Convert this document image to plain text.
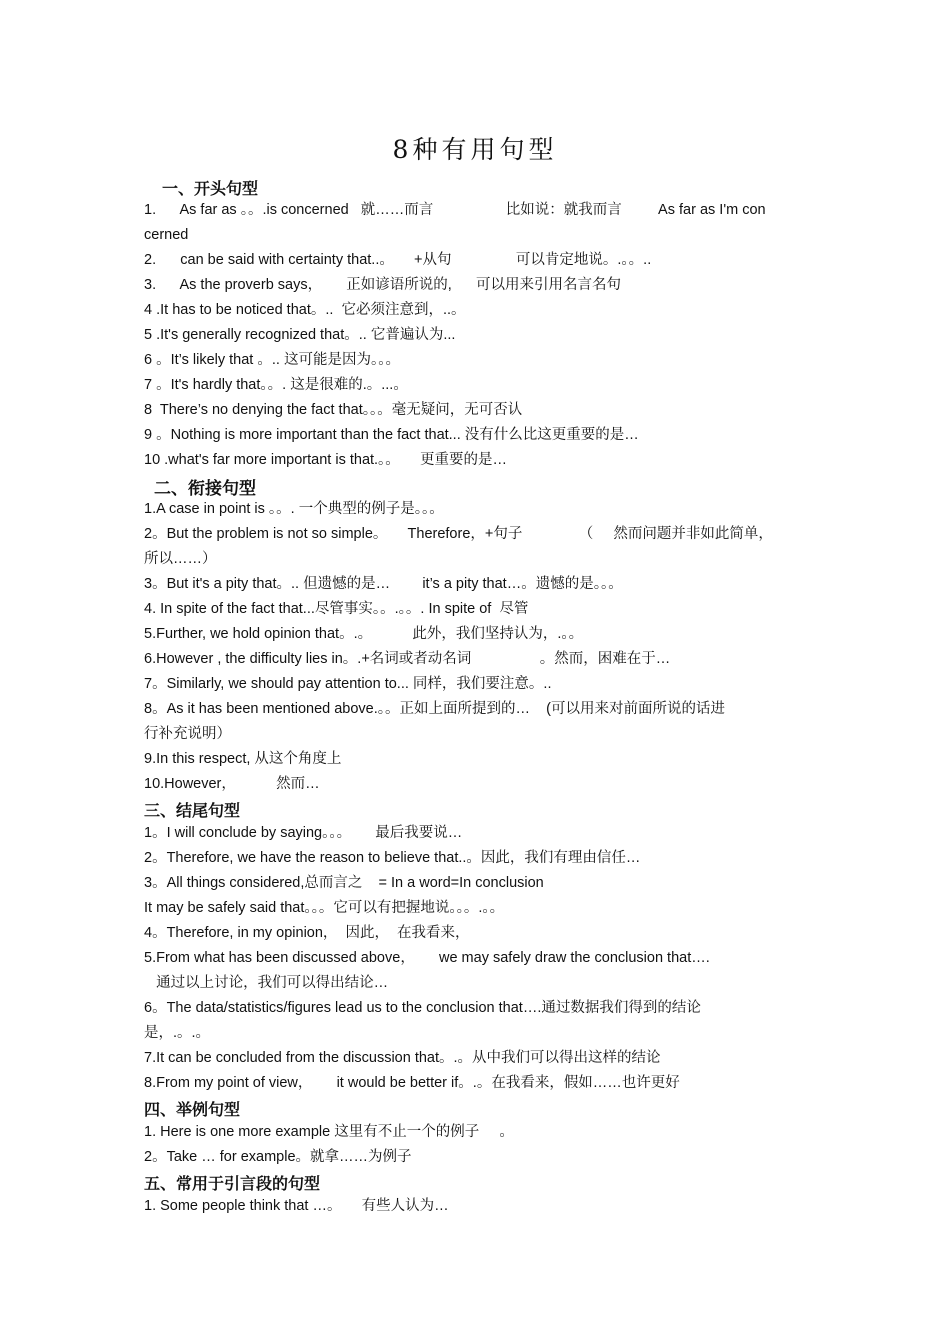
8种有用句型
一、开头句型
1.      As far as 。。.is concerned   就……而言                  比如说：就我而言         As far as I'm con
cerned
2.      can be said with certainty that..。     +从句                可以肯定地说。.。。..
3.      As the proverb says，      正如谚语所说的,      可以用来引用名言名句
4 .It has to be noticed that。..  它必须注意到，..。
5 .It's generally recognized that。.. 它普遍认为...
6 。It’s likely that 。.. 这可能是因为。。。
7 。It's hardly that。。. 这是很难的.。...。
8  There’s no denying the fact that。。。毫无疑问，无可否认
9 。Nothing is more important than the fact that... 没有什么比这更重要的是…
10 .what's far more important is that.。。     更重要的是…
二、衔接句型
1.A case in point is 。。. 一个典型的例子是。。。
2。But the problem is not so simple。     Therefore，+句子              （     然而问题并非如此简单，
所以……）
3。But it's a pity that。.. 但遗憾的是…        it’s a pity that…。遗憾的是。。。
4. In spite of the fact that...尽管事实。。.。。. In spite of  尽管
5.Further, we hold opinion that。.。          此外，我们坚持认为，.。。
6.However , the difficulty lies in。.+名词或者动名词                 。然而，困难在于…
7。Similarly, we should pay attention to... 同样，我们要注意。..
8。As it has been mentioned above.。。正如上面所提到的…    (可以用来对前面所说的话进
行补充说明）
9.In this respect, 从这个角度上
10.However，          然而…
三、结尾句型
1。I will conclude by saying。。。      最后我要说…
2。Therefore, we have the reason to believe that..。因此，我们有理由信任…
3。All things considered,总而言之    = In a word=In conclusion
It may be safely said that。。。它可以有把握地说。。。.。。
4。Therefore, in my opinion，  因此，  在我看来，
5.From what has been discussed above，      we may safely draw the conclusion that….
通过以上讨论，我们可以得出结论…
6。The data/statistics/figures lead us to the conclusion that….通过数据我们得到的结论
是，.。.。
7.It can be concluded from the discussion that。.。从中我们可以得出这样的结论
8.From my point of view，      it would be better if。.。在我看来，假如……也许更好
四、举例句型
1. Here is one more example 这里有不止一个的例子     。
2。Take … for example。就拿……为例子
五、常用于引言段的句型
1. Some people think that …。     有些人认为…
